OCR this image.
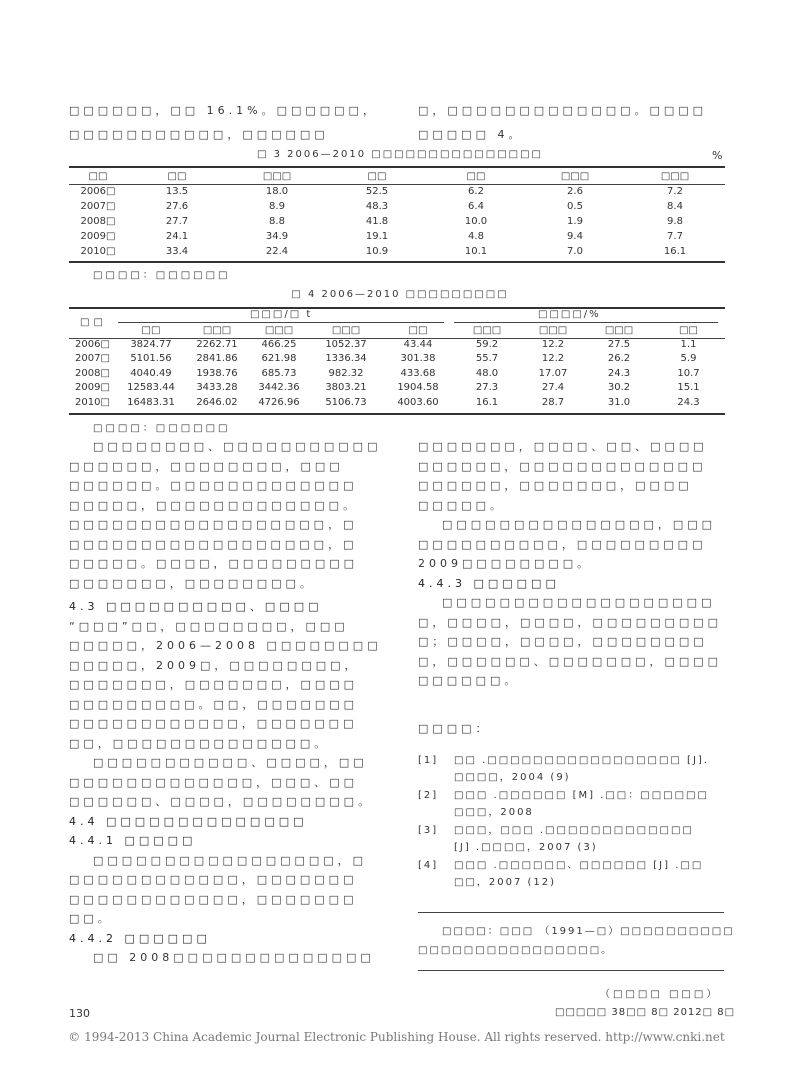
□□□□□□，□□ 16.1%。□□□□□□，
□□□□□□□□□□□，□□□□□□
□，□□□□□□□□□□□□□。□□□□
□□□□□ 4。
□ 3 2006—2010 □□□□□□□□□□□□□□□	%
□□	□□	□□□	□□	□□	□□□	□□□
2006□	13.5	18.0	52.5	6.2	2.6	7.2
2007□	27.6	8.9	48.3	6.4	0.5	8.4
2008□	27.7	8.8	41.8	10.0	1.9	9.8
2009□	24.1	34.9	19.1	4.8	9.4	7.7
2010□	33.4	22.4	10.9	10.1	7.0	16.1
□□□□：□□□□□□
□ 4 2006—2010 □□□□□□□□□
□□
□□□/□ t	□□□□/%
	□□	□□□	□□□	□□□	□□	□□□	□□□	□□□	□□
2006□	3824.77	2262.71	466.25	1052.37	43.44	59.2	12.2	27.5	1.1
2007□	5101.56	2841.86	621.98	1336.34	301.38	55.7	12.2	26.2	5.9
2008□	4040.49	1938.76	685.73	982.32	433.68	48.0	17.07	24.3	10.7
2009□	12583.44	3433.28	3442.36	3803.21	1904.58	27.3	27.4	30.2	15.1
2010□	16483.31	2646.02	4726.96	5106.73	4003.60	16.1	28.7	31.0	24.3
□□□□：□□□□□□
□□□□□□□□、□□□□□□□□□□□
□□□□□□，□□□□□□□□，□□□
□□□□□□。□□□□□□□□□□□□□
□□□□□，□□□□□□□□□□□□□。
□□□□□□□□□□□□□□□□□□，□
□□□□□□□□□□□□□□□□□□，□
□□□□□。□□□□，□□□□□□□□□
□□□□□□□，□□□□□□□□。
4.3 □□□□□□□□□□、□□□□
“□□□”□□，□□□□□□□□，□□□
□□□□□，2006—2008 □□□□□□□□
□□□□□，2009□，□□□□□□□□，
□□□□□□□，□□□□□□□，□□□□
□□□□□□□□□。□□，□□□□□□□
□□□□□□□□□□□□，□□□□□□□
□□，□□□□□□□□□□□□□□。
□□□□□□□□□□□、□□□□，□□
□□□□□□□□□□□□□，□□□、□□
□□□□□□、□□□□，□□□□□□□□。
4.4 □□□□□□□□□□□□□□
4.4.1 □□□□□
□□□□□□□□□□□□□□□□□，□
□□□□□□□□□□□□，□□□□□□□
□□□□□□□□□□□□，□□□□□□□
□□。
4.4.2 □□□□□□
□□ 2008□□□□□□□□□□□□□□
□□□□□□□，□□□□、□□、□□□□
□□□□□□，□□□□□□□□□□□□□
□□□□□□，□□□□□□□，□□□□
□□□□□。
□□□□□□□□□□□□□□□，□□□
□□□□□□□□□□，□□□□□□□□□
2009□□□□□□□□。
4.4.3 □□□□□□
□□□□□□□□□□□□□□□□□□□
□，□□□□，□□□□，□□□□□□□□□
□；□□□□，□□□□，□□□□□□□□
□，□□□□□□、□□□□□□□，□□□□
□□□□□□。
□□□□：
[1]	□□ .□□□□□□□□□□□□□□□□□ [J].
□□□□，2004 (9)
[2]	□□□ .□□□□□□ [M] .□□：□□□□□□
□□□，2008
[3]	□□□，□□□ .□□□□□□□□□□□□□
[J] .□□□□，2007 (3)
[4]	□□□ .□□□□□□、□□□□□□ [J] .□□
□□，2007 (12)
□□□□：□□□ （1991—□）□□□□□□□□□□
□□□□□□□□□□□□□□□□。
（□□□□ □□□）
130	□□□□□ 38□□ 8□ 2012□ 8□
© 1994-2013 China Academic Journal Electronic Publishing House. All rights reserved. http://www.cnki.net
